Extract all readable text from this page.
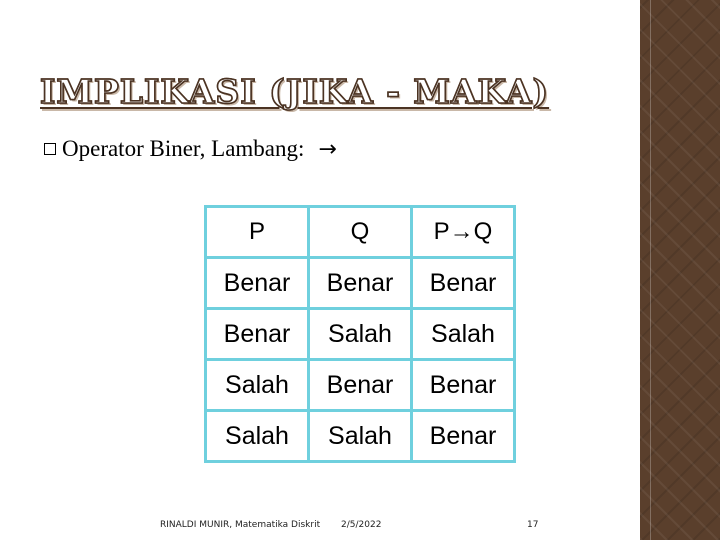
IMPLIKASI (JIKA - MAKA)
Operator Biner, Lambang: →
P	Q	P→Q
Benar	Benar	Benar
Benar	Salah	Salah
Salah	Benar	Benar
Salah	Salah	Benar
RINALDI MUNIR, Matematika Diskrit 2/5/2022	17
